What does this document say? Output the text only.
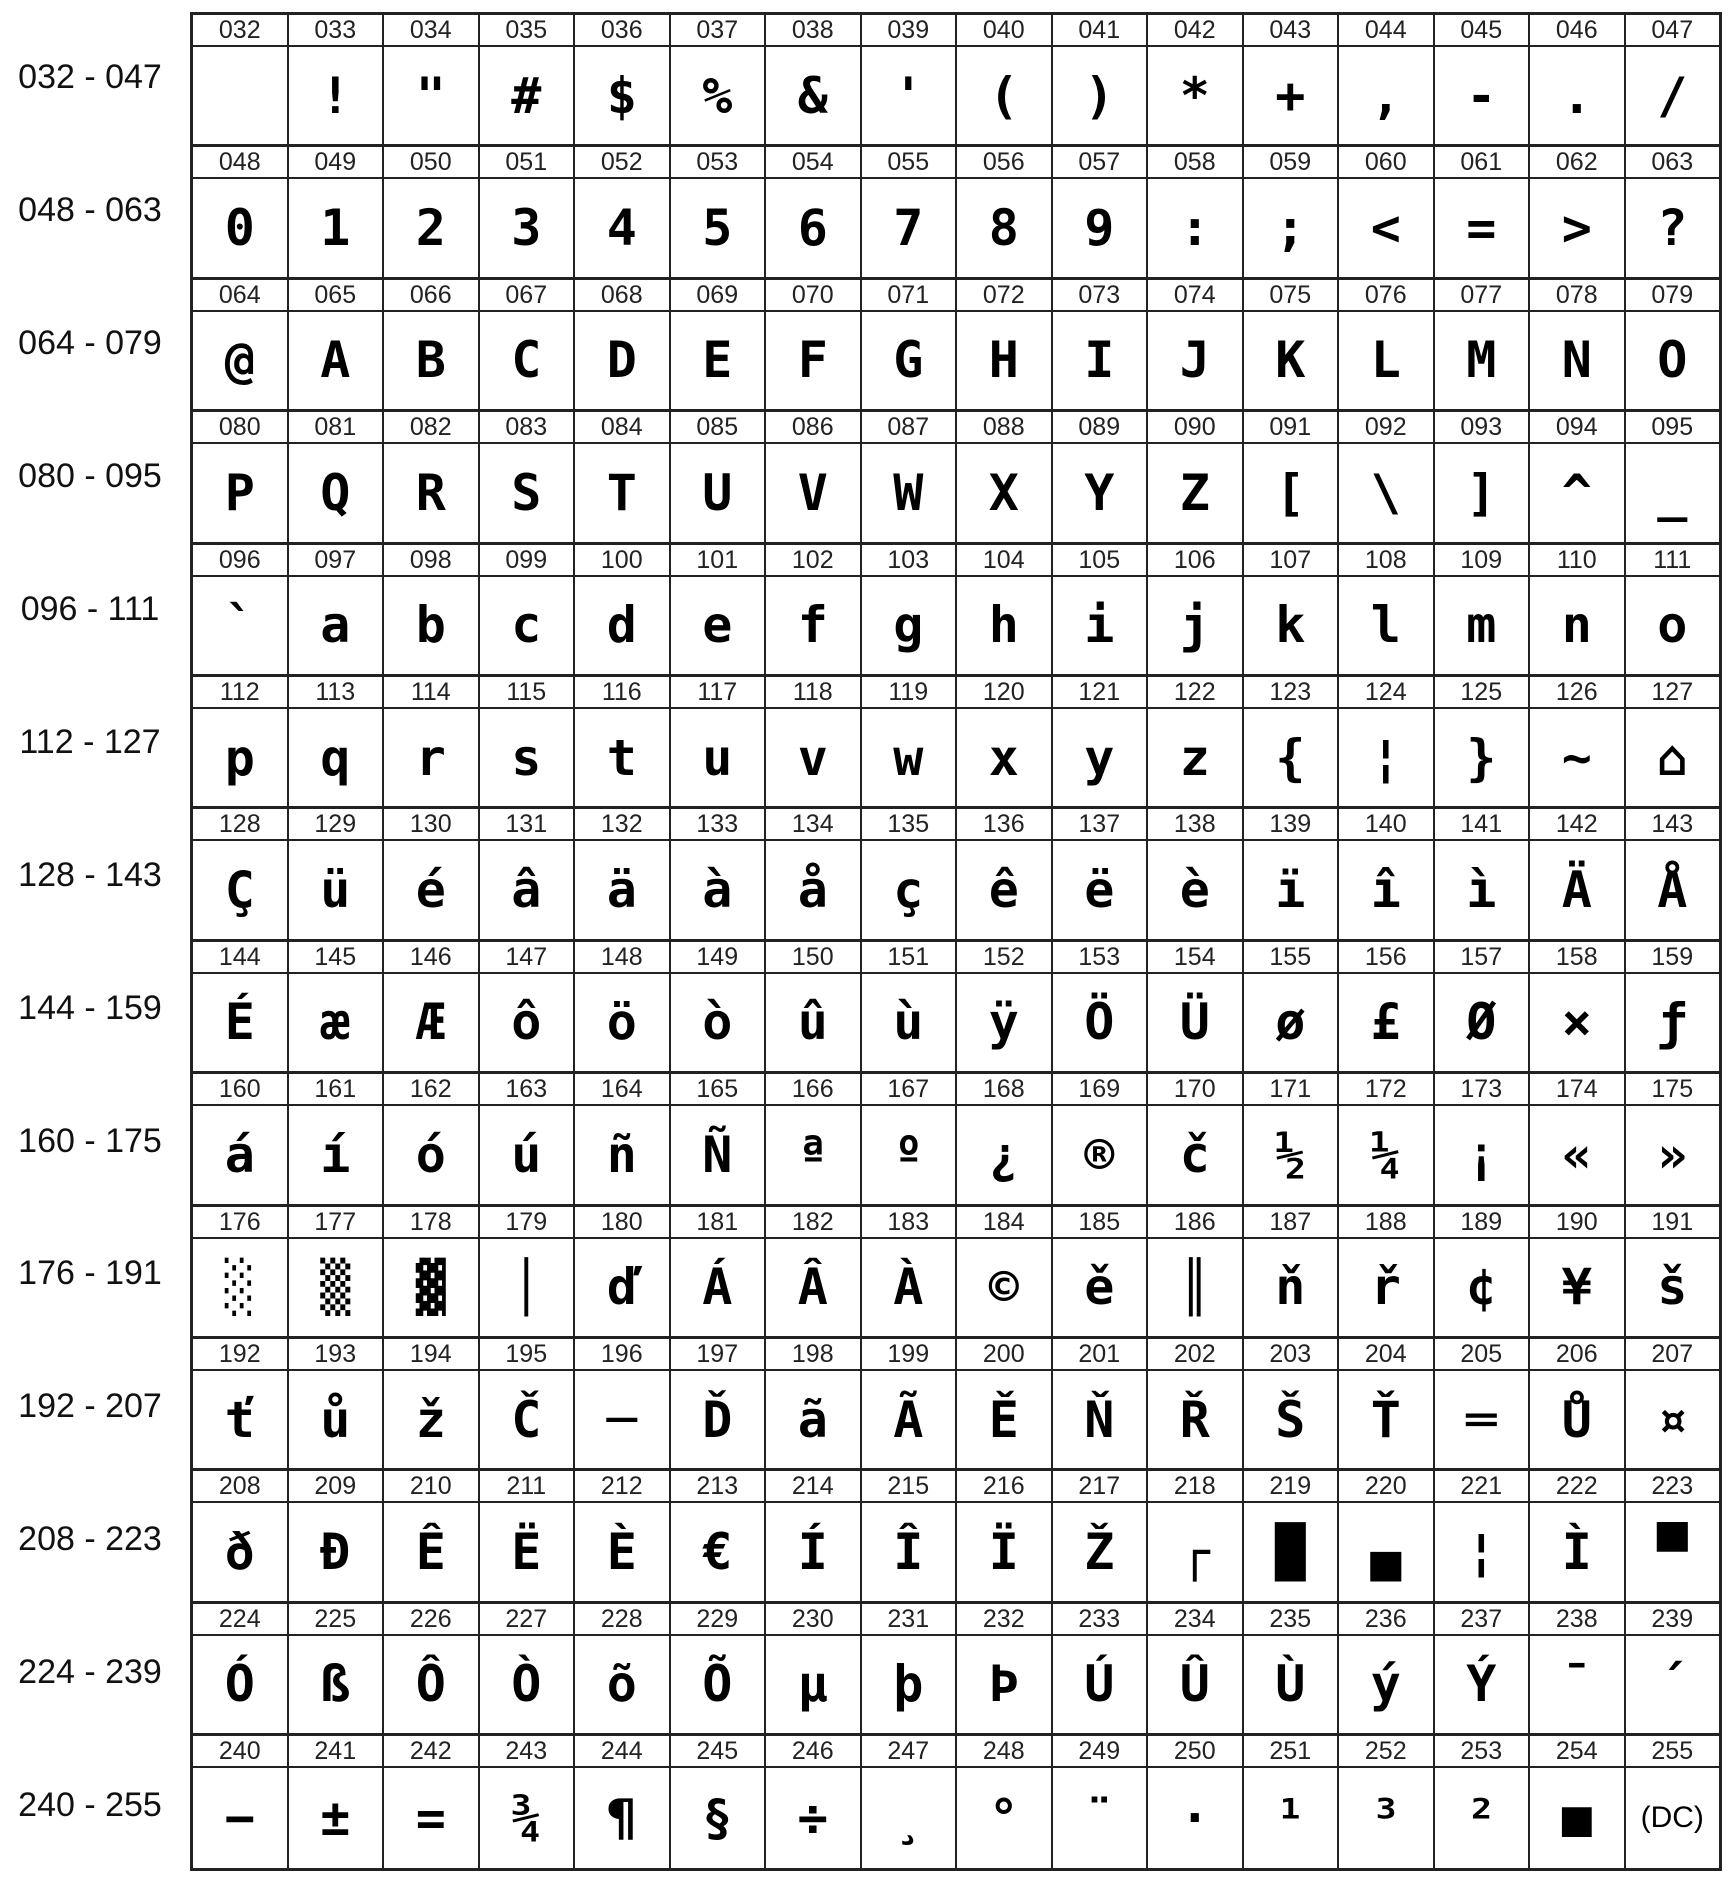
032 - 047
048 - 063
064 - 079
080 - 095
096 - 111
112 - 127
128 - 143
144 - 159
160 - 175
176 - 191
192 - 207
208 - 223
224 - 239
240 - 255
032	033
!
034
"
035
#
036
$
037
%
038
&
039
'
040
(
041
)
042
*
043
+
044
,
045
-
046
.
047
/
048
0
049
1
050
2
051
3
052
4
053
5
054
6
055
7
056
8
057
9
058
:
059
;
060
<
061
=
062
>
063
?
064
@
065
A
066
B
067
C
068
D
069
E
070
F
071
G
072
H
073
I
074
J
075
K
076
L
077
M
078
N
079
O
080
P
081
Q
082
R
083
S
084
T
085
U
086
V
087
W
088
X
089
Y
090
Z
091
[
092
\
093
]
094
^
095
_
096
`
097
a
098
b
099
c
100
d
101
e
102
f
103
g
104
h
105
i
106
j
107
k
108
l
109
m
110
n
111
o
112
p
113
q
114
r
115
s
116
t
117
u
118
v
119
w
120
x
121
y
122
z
123
{
124
¦
125
}
126
~
127
⌂
128
Ç
129
ü
130
é
131
â
132
ä
133
à
134
å
135
ç
136
ê
137
ë
138
è
139
ï
140
î
141
ì
142
Ä
143
Å
144
É
145
æ
146
Æ
147
ô
148
ö
149
ò
150
û
151
ù
152
ÿ
153
Ö
154
Ü
155
ø
156
£
157
Ø
158
×
159
ƒ
160
á
161
í
162
ó
163
ú
164
ñ
165
Ñ
166
ª
167
º
168
¿
169
®
170
č
171
½
172
¼
173
¡
174
«
175
»
176
░
177
▒
178
▓
179
│
180
ď
181
Á
182
Â
183
À
184
©
185
ě
186
║
187
ň
188
ř
189
¢
190
¥
191
š
192
ť
193
ů
194
ž
195
Č
196
─
197
Ď
198
ã
199
Ã
200
Ě
201
Ň
202
Ř
203
Š
204
Ť
205
═
206
Ů
207
¤
208
ð
209
Đ
210
Ê
211
Ë
212
È
213
€
214
Í
215
Î
216
Ï
217
Ž
218
┌
219
█
220
▄
221
¦
222
Ì
223
▀
224
Ó
225
ß
226
Ô
227
Ò
228
õ
229
Õ
230
µ
231
þ
232
Þ
233
Ú
234
Û
235
Ù
236
ý
237
Ý
238
¯
239
´
240
−
241
±
242
=
243
¾
244
¶
245
§
246
÷
247
¸
248
°
249
¨
250
·
251
¹
252
³
253
²
254
■
255
(DC)
